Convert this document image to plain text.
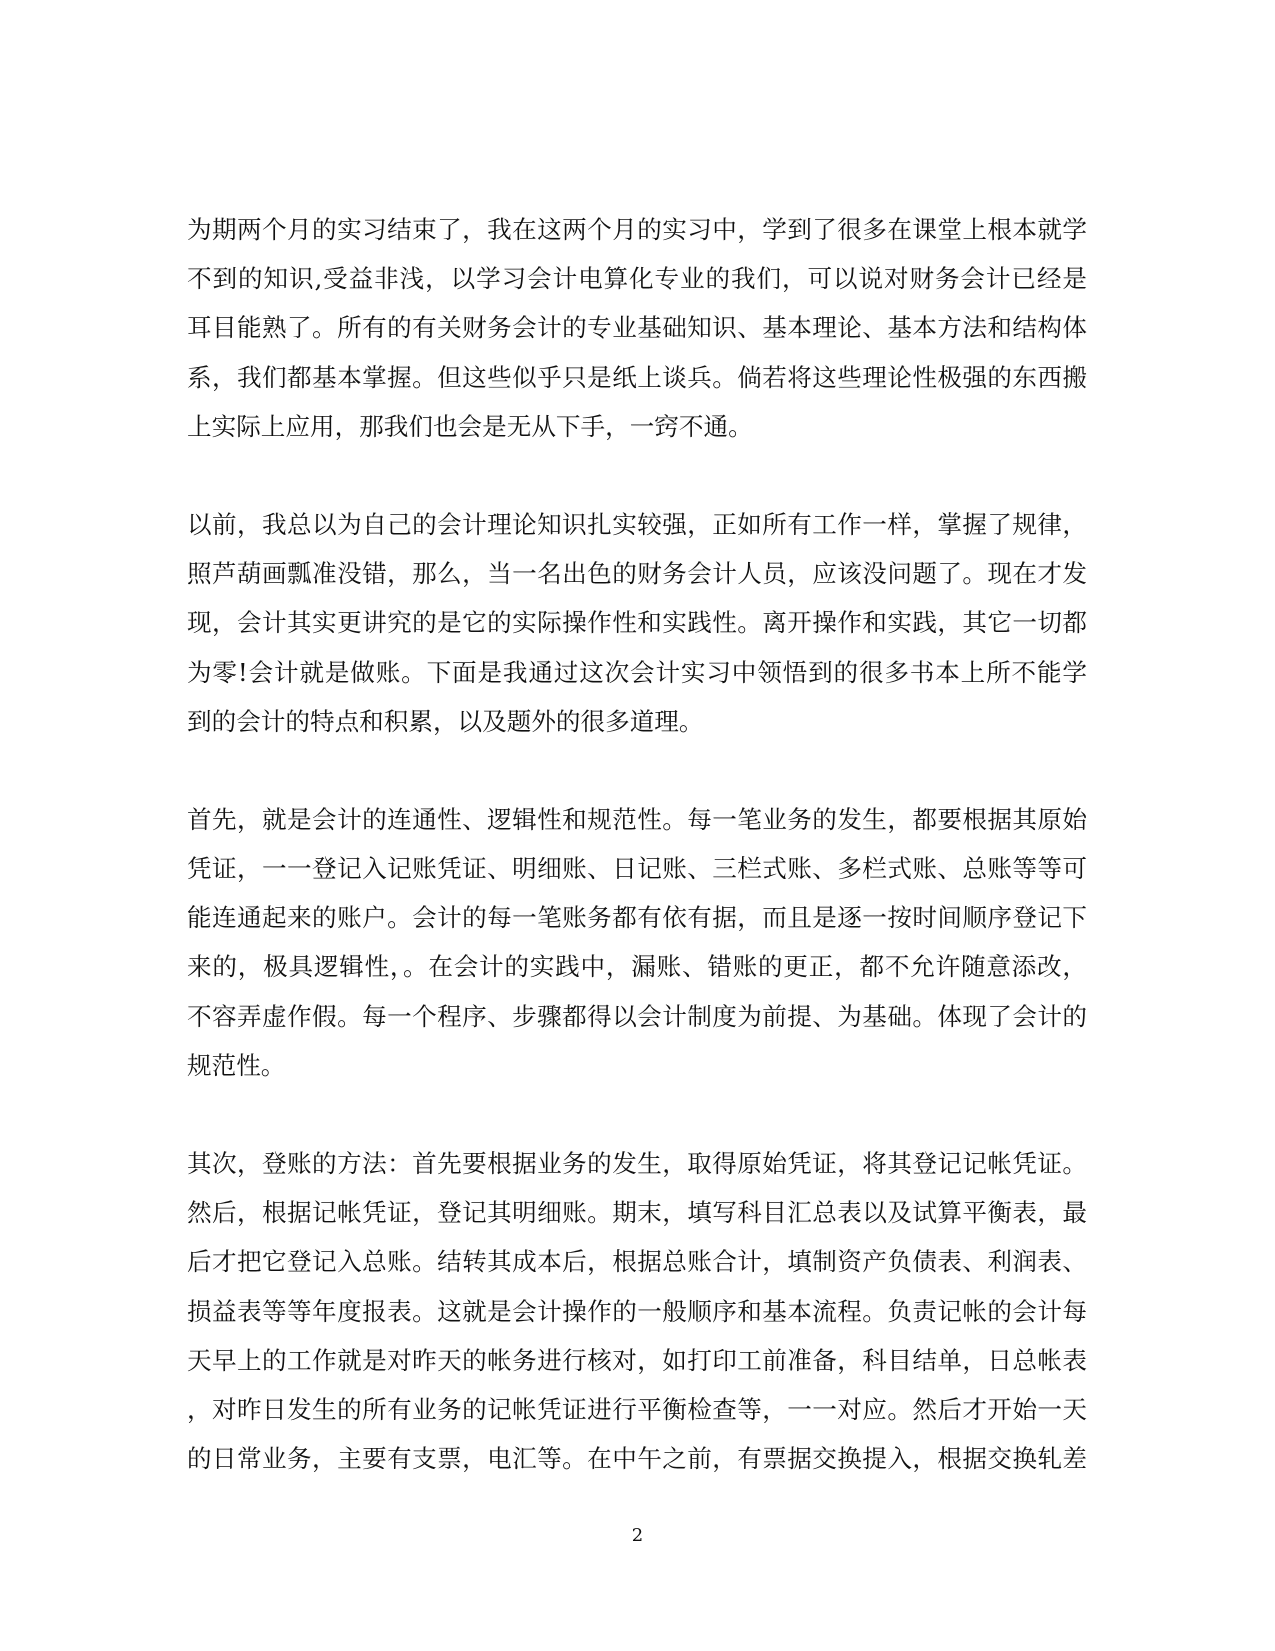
为期两个月的实习结束了，我在这两个月的实习中，学到了很多在课堂上根本就学
不到的知识,受益非浅，以学习会计电算化专业的我们，可以说对财务会计已经是
耳目能熟了。所有的有关财务会计的专业基础知识、基本理论、基本方法和结构体
系，我们都基本掌握。但这些似乎只是纸上谈兵。倘若将这些理论性极强的东西搬
上实际上应用，那我们也会是无从下手，一窍不通。
以前，我总以为自己的会计理论知识扎实较强，正如所有工作一样，掌握了规律，
照芦葫画瓢准没错，那么，当一名出色的财务会计人员，应该没问题了。现在才发
现，会计其实更讲究的是它的实际操作性和实践性。离开操作和实践，其它一切都
为零!会计就是做账。下面是我通过这次会计实习中领悟到的很多书本上所不能学
到的会计的特点和积累，以及题外的很多道理。
首先，就是会计的连通性、逻辑性和规范性。每一笔业务的发生，都要根据其原始
凭证，一一登记入记账凭证、明细账、日记账、三栏式账、多栏式账、总账等等可
能连通起来的账户。会计的每一笔账务都有依有据，而且是逐一按时间顺序登记下
来的，极具逻辑性，。在会计的实践中，漏账、错账的更正，都不允许随意添改，
不容弄虚作假。每一个程序、步骤都得以会计制度为前提、为基础。体现了会计的
规范性。
其次，登账的方法：首先要根据业务的发生，取得原始凭证，将其登记记帐凭证。
然后，根据记帐凭证，登记其明细账。期末，填写科目汇总表以及试算平衡表，最
后才把它登记入总账。结转其成本后，根据总账合计，填制资产负债表、利润表、
损益表等等年度报表。这就是会计操作的一般顺序和基本流程。负责记帐的会计每
天早上的工作就是对昨天的帐务进行核对，如打印工前准备，科目结单，日总帐表
，对昨日发生的所有业务的记帐凭证进行平衡检查等，一一对应。然后才开始一天
的日常业务，主要有支票，电汇等。在中午之前，有票据交换提入，根据交换轧差
2
